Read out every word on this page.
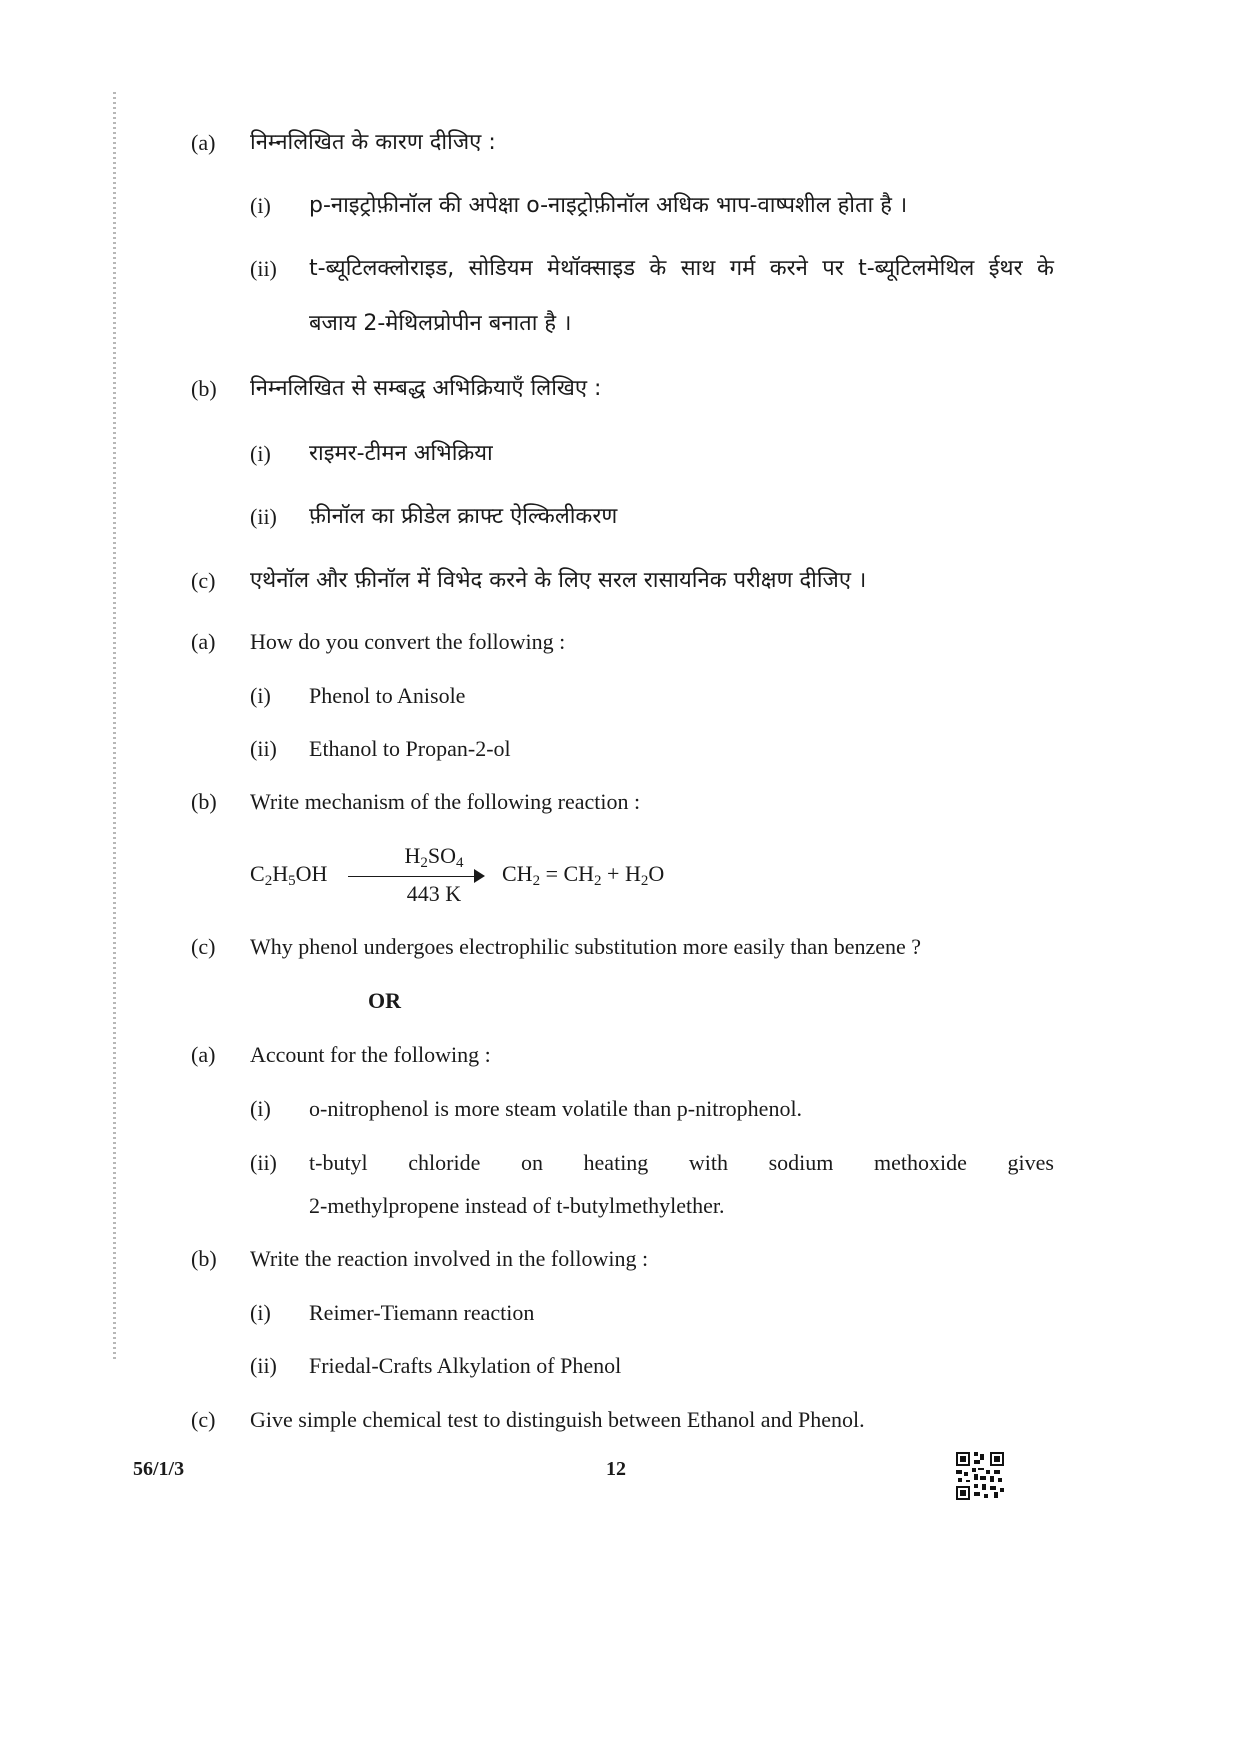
(a) निम्नलिखित के कारण दीजिए :
(i) p-नाइट्रोफ़ीनॉल की अपेक्षा o-नाइट्रोफ़ीनॉल अधिक भाप-वाष्पशील होता है ।
(ii) t-ब्यूटिलक्लोराइड, सोडियम मेथॉक्साइड के साथ गर्म करने पर t-ब्यूटिलमेथिल ईथर के
बजाय 2-मेथिलप्रोपीन बनाता है ।
(b) निम्नलिखित से सम्बद्ध अभिक्रियाएँ लिखिए :
(i) राइमर-टीमन अभिक्रिया
(ii) फ़ीनॉल का फ्रीडेल क्राफ्ट ऐल्किलीकरण
(c) एथेनॉल और फ़ीनॉल में विभेद करने के लिए सरल रासायनिक परीक्षण दीजिए ।
(a) How do you convert the following :
(i) Phenol to Anisole
(ii) Ethanol to Propan-2-ol
(b) Write mechanism of the following reaction :
$C_2H_5OH$
$H_2SO_4$
443 K
$CH_2 = CH_2 + H_2O$
(c) Why phenol undergoes electrophilic substitution more easily than benzene ?
OR
(a) Account for the following :
(i) o-nitrophenol is more steam volatile than p-nitrophenol.
(ii) t-butyl chloride on heating with sodium methoxide gives
2-methylpropene instead of t-butylmethylether.
(b) Write the reaction involved in the following :
(i) Reimer-Tiemann reaction
(ii) Friedal-Crafts Alkylation of Phenol
(c) Give simple chemical test to distinguish between Ethanol and Phenol.
56/1/3	12
